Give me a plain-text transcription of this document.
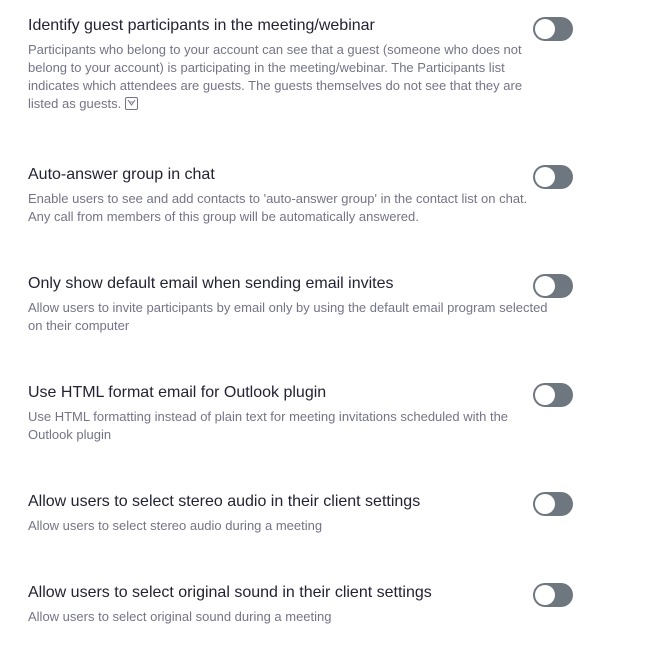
Identify guest participants in the meeting/webinar
Participants who belong to your account can see that a guest (someone who does not belong to your account) is participating in the meeting/webinar. The Participants list indicates which attendees are guests. The guests themselves do not see that they are listed as guests.
Auto-answer group in chat
Enable users to see and add contacts to 'auto-answer group' in the contact list on chat. Any call from members of this group will be automatically answered.
Only show default email when sending email invites
Allow users to invite participants by email only by using the default email program selected on their computer
Use HTML format email for Outlook plugin
Use HTML formatting instead of plain text for meeting invitations scheduled with the Outlook plugin
Allow users to select stereo audio in their client settings
Allow users to select stereo audio during a meeting
Allow users to select original sound in their client settings
Allow users to select original sound during a meeting
